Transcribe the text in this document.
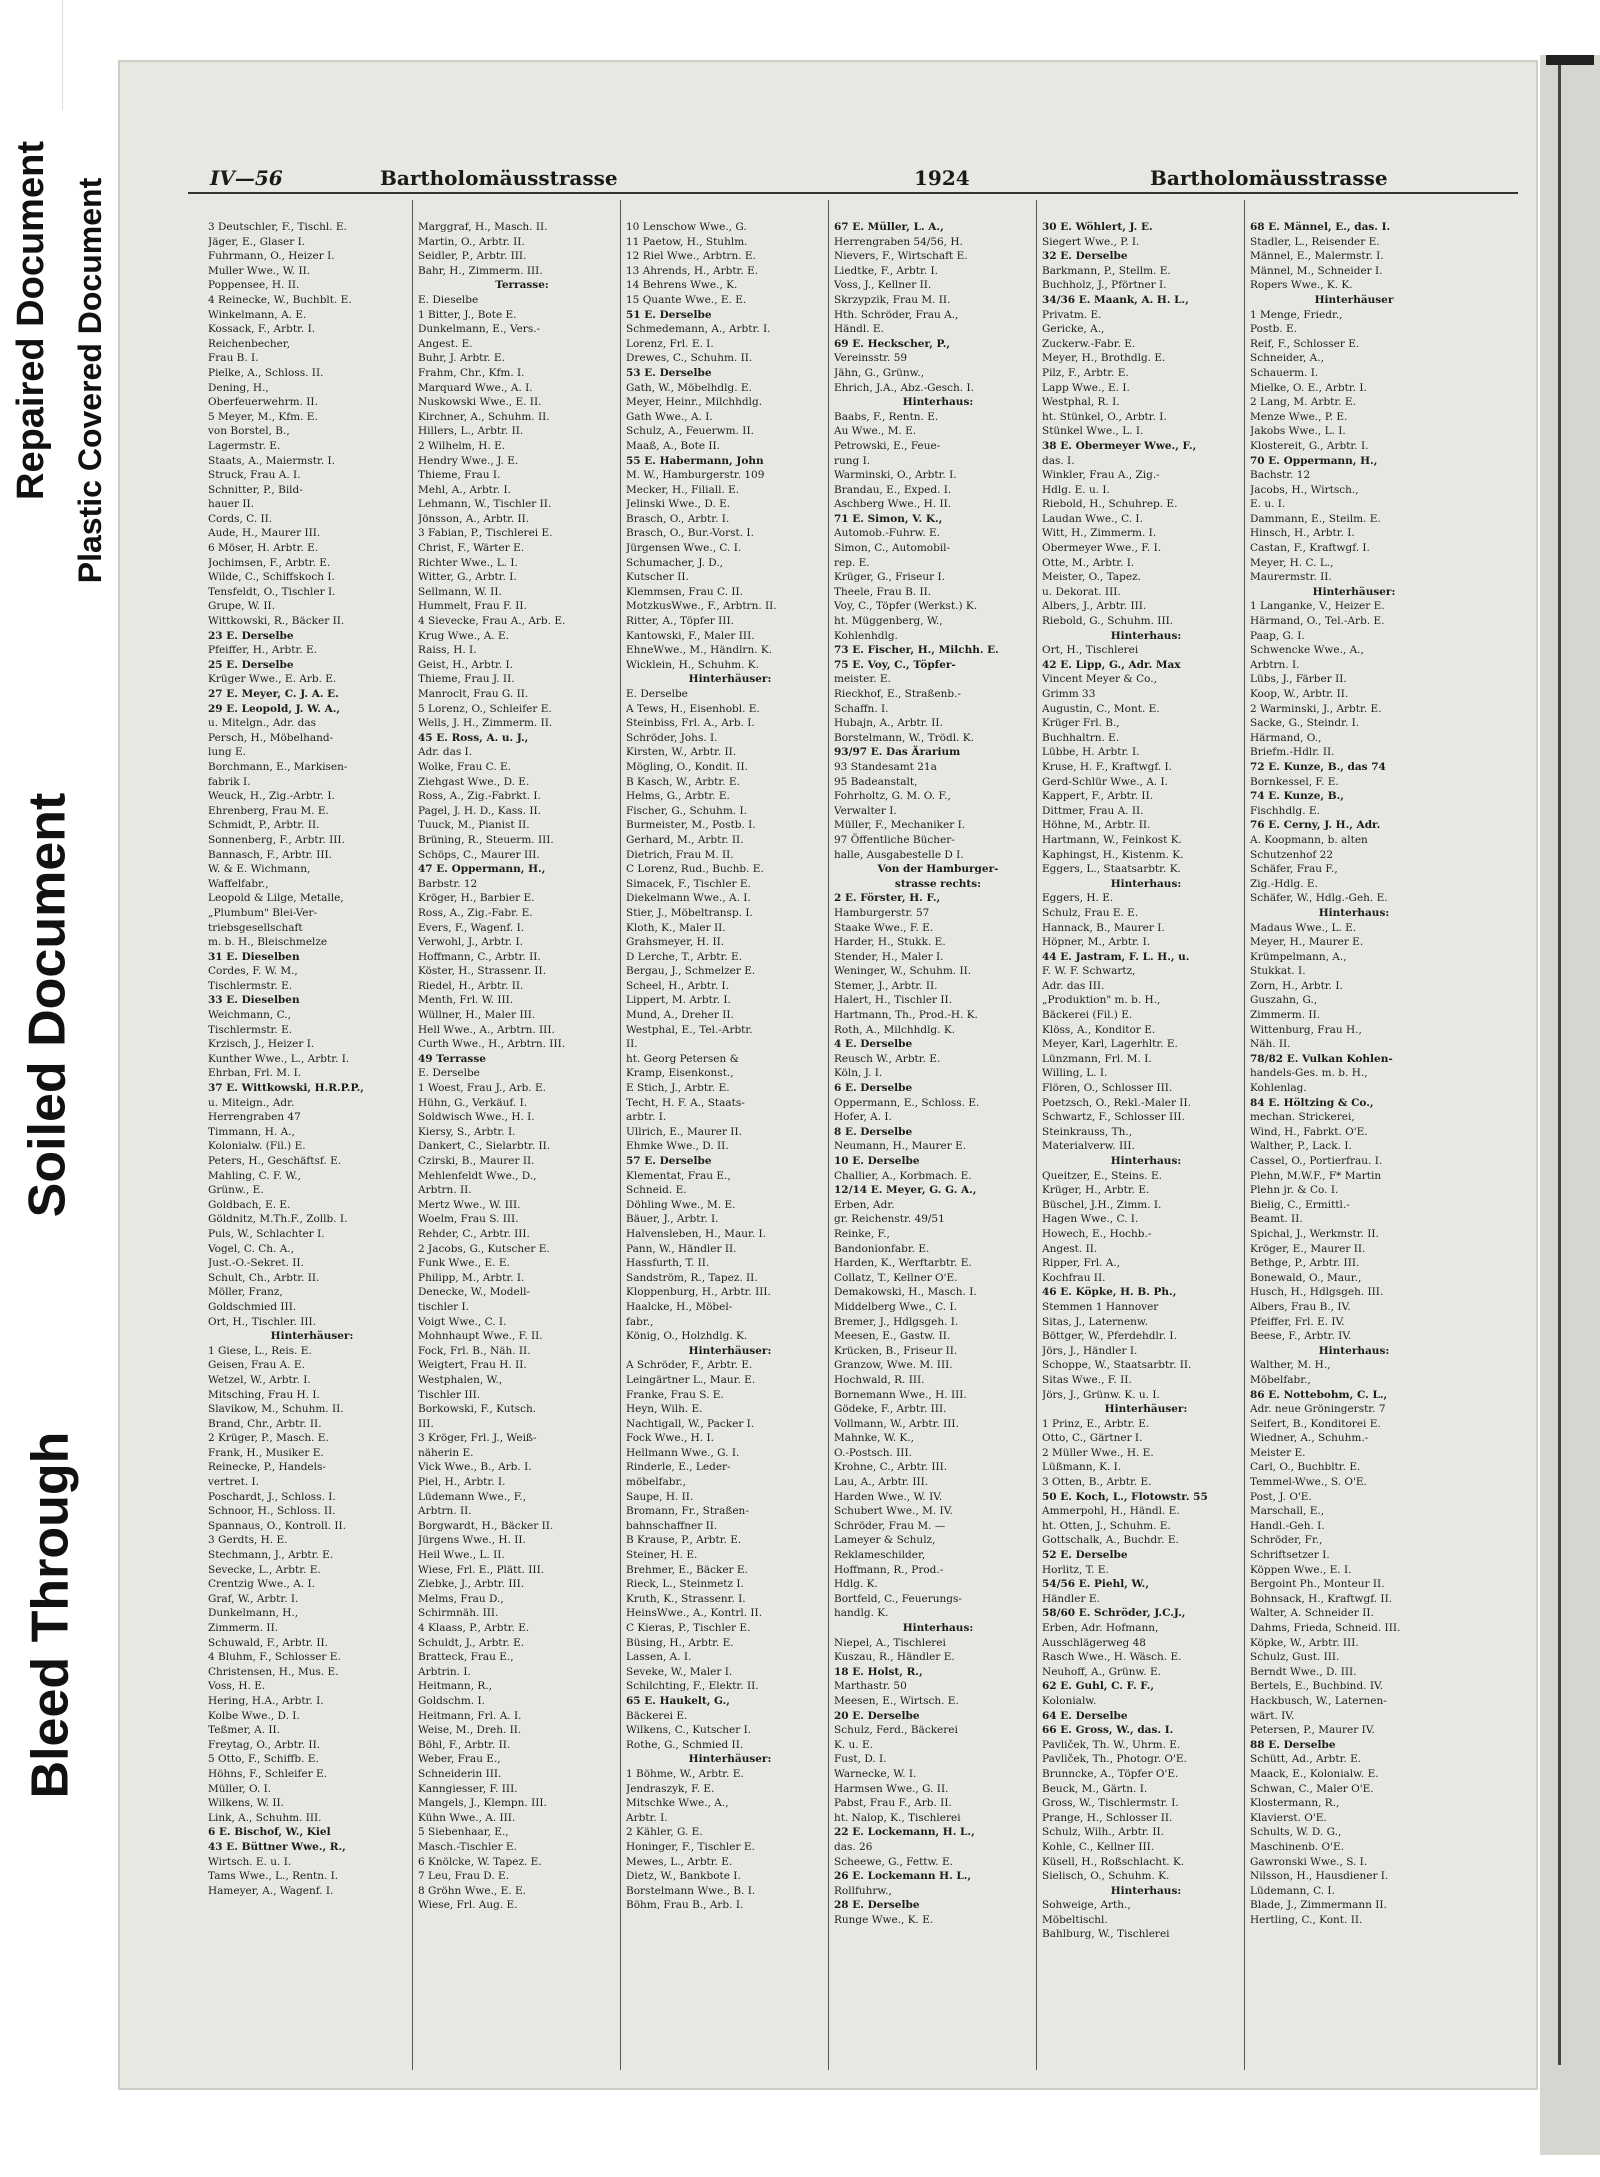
Repaired Document Plastic Covered Document
Soiled Document
Bleed Through
IV—56	Bartholomäusstrasse	1924	Bartholomäusstrasse
3 Deutschler, F., Tischl. E.
Jäger, E., Glaser I.
Fuhrmann, O., Heizer I.
Muller Wwe., W. II.
Poppensee, H. II.
4 Reinecke, W., Buchblt. E.
Winkelmann, A. E.
Kossack, F., Arbtr. I.
Reichenbecher,
Frau B. I.
Pielke, A., Schloss. II.
Dening, H.,
Oberfeuerwehrm. II.
5 Meyer, M., Kfm. E.
von Borstel, B.,
Lagermstr. E.
Staats, A., Maiermstr. I.
Struck, Frau A. I.
Schnitter, P., Bild-
hauer II.
Cords, C. II.
Aude, H., Maurer III.
6 Möser, H. Arbtr. E.
Jochimsen, F., Arbtr. E.
Wilde, C., Schiffskoch I.
Tensfeldt, O., Tischler I.
Grupe, W. II.
Wittkowski, R., Bäcker II.
23 E. Derselbe
Pfeiffer, H., Arbtr. E.
25 E. Derselbe
Krüger Wwe., E. Arb. E.
27 E. Meyer, C. J. A. E.
29 E. Leopold, J. W. A.,
u. Mitelgn., Adr. das
Persch, H., Möbelhand-
lung E.
Borchmann, E., Markisen-
fabrik I.
Weuck, H., Zig.-Arbtr. I.
Ehrenberg, Frau M. E.
Schmidt, P., Arbtr. II.
Sonnenberg, F., Arbtr. III.
Bannasch, F., Arbtr. III.
W. & E. Wichmann,
Waffelfabr.,
Leopold & Lilge, Metalle,
„Plumbum" Blei-Ver-
triebsgesellschaft
m. b. H., Bleischmelze
31 E. Dieselben
Cordes, F. W. M.,
Tischlermstr. E.
33 E. Dieselben
Weichmann, C.,
Tischlermstr. E.
Krzisch, J., Heizer I.
Kunther Wwe., L., Arbtr. I.
Ehrban, Frl. M. I.
37 E. Wittkowski, H.R.P.P.,
u. Miteign., Adr.
Herrengraben 47
Timmann, H. A.,
Kolonialw. (Fil.) E.
Peters, H., Geschäftsf. E.
Mahling, C. F. W.,
Grünw., E.
Goldbach, E. E.
Göldnitz, M.Th.F., Zollb. I.
Puls, W., Schlachter I.
Vogel, C. Ch. A.,
Just.-O.-Sekret. II.
Schult, Ch., Arbtr. II.
Möller, Franz,
Goldschmied III.
Ort, H., Tischler. III.
Hinterhäuser:
1 Giese, L., Reis. E.
Geisen, Frau A. E.
Wetzel, W., Arbtr. I.
Mitsching, Frau H. I.
Slavikow, M., Schuhm. II.
Brand, Chr., Arbtr. II.
2 Krüger, P., Masch. E.
Frank, H., Musiker E.
Reinecke, P., Handels-
vertret. I.
Poschardt, J., Schloss. I.
Schnoor, H., Schloss. II.
Spannaus, O., Kontroll. II.
3 Gerdts, H. E.
Stechmann, J., Arbtr. E.
Sevecke, L., Arbtr. E.
Crentzig Wwe., A. I.
Graf, W., Arbtr. I.
Dunkelmann, H.,
Zimmerm. II.
Schuwald, F., Arbtr. II.
4 Bluhm, F., Schlosser E.
Christensen, H., Mus. E.
Voss, H. E.
Hering, H.A., Arbtr. I.
Kolbe Wwe., D. I.
Teßmer, A. II.
Freytag, O., Arbtr. II.
5 Otto, F., Schiffb. E.
Höhns, F., Schleifer E.
Müller, O. I.
Wilkens, W. II.
Link, A., Schuhm. III.
6 E. Bischof, W., Kiel
43 E. Büttner Wwe., R.,
Wirtsch. E. u. I.
Tams Wwe., L., Rentn. I.
Hameyer, A., Wagenf. I.
Marggraf, H., Masch. II.
Martin, O., Arbtr. II.
Seidler, P., Arbtr. III.
Bahr, H., Zimmerm. III.
Terrasse:
E. Dieselbe
1 Bitter, J., Bote E.
Dunkelmann, E., Vers.-
Angest. E.
Buhr, J. Arbtr. E.
Frahm, Chr., Kfm. I.
Marquard Wwe., A. I.
Nuskowski Wwe., E. II.
Kirchner, A., Schuhm. II.
Hillers, L., Arbtr. II.
2 Wilhelm, H. E.
Hendry Wwe., J. E.
Thieme, Frau I.
Mehl, A., Arbtr. I.
Lehmann, W., Tischler II.
Jönsson, A., Arbtr. II.
3 Fabian, P., Tischlerei E.
Christ, F., Wärter E.
Richter Wwe., L. I.
Witter, G., Arbtr. I.
Sellmann, W. II.
Hummelt, Frau F. II.
4 Sievecke, Frau A., Arb. E.
Krug Wwe., A. E.
Raiss, H. I.
Geist, H., Arbtr. I.
Thieme, Frau J. II.
Manroclt, Frau G. II.
5 Lorenz, O., Schleifer E.
Wells, J. H., Zimmerm. II.
45 E. Ross, A. u. J.,
Adr. das I.
Wolke, Frau C. E.
Ziehgast Wwe., D. E.
Ross, A., Zig.-Fabrkt. I.
Pagel, J. H. D., Kass. II.
Tuuck, M., Pianist II.
Brüning, R., Steuerm. III.
Schöps, C., Maurer III.
47 E. Oppermann, H.,
Barbstr. 12
Kröger, H., Barbier E.
Ross, A., Zig.-Fabr. E.
Evers, F., Wagenf. I.
Verwohl, J., Arbtr. I.
Hoffmann, C., Arbtr. II.
Köster, H., Strassenr. II.
Riedel, H., Arbtr. II.
Menth, Frl. W. III.
Wüllner, H., Maler III.
Hell Wwe., A., Arbtrn. III.
Curth Wwe., H., Arbtrn. III.
49 Terrasse
E. Derselbe
1 Woest, Frau J., Arb. E.
Hühn, G., Verkäuf. I.
Soldwisch Wwe., H. I.
Kiersy, S., Arbtr. I.
Dankert, C., Sielarbtr. II.
Czirski, B., Maurer II.
Mehlenfeldt Wwe., D.,
Arbtrn. II.
Mertz Wwe., W. III.
Woelm, Frau S. III.
Rehder, C., Arbtr. III.
2 Jacobs, G., Kutscher E.
Funk Wwe., E. E.
Philipp, M., Arbtr. I.
Denecke, W., Modell-
tischler I.
Voigt Wwe., C. I.
Mohnhaupt Wwe., F. II.
Fock, Frl. B., Näh. II.
Weigtert, Frau H. II.
Westphalen, W.,
Tischler III.
Borkowski, F., Kutsch.
III.
3 Kröger, Frl. J., Weiß-
näherin E.
Vick Wwe., B., Arb. I.
Piel, H., Arbtr. I.
Lüdemann Wwe., F.,
Arbtrn. II.
Borgwardt, H., Bäcker II.
Jürgens Wwe., H. II.
Heil Wwe., L. II.
Wiese, Frl. E., Plätt. III.
Ziebke, J., Arbtr. III.
Melms, Frau D.,
Schirmnäh. III.
4 Klaass, P., Arbtr. E.
Schuldt, J., Arbtr. E.
Bratteck, Frau E.,
Arbtrin. I.
Heitmann, R.,
Goldschm. I.
Heitmann, Frl. A. I.
Weise, M., Dreh. II.
Böhl, F., Arbtr. II.
Weber, Frau E.,
Schneiderin III.
Kanngiesser, F. III.
Mangels, J., Klempn. III.
Kühn Wwe., A. III.
5 Siebenhaar, E.,
Masch.-Tischler E.
6 Knölcke, W. Tapez. E.
7 Leu, Frau D. E.
8 Gröhn Wwe., E. E.
Wiese, Frl. Aug. E.
10 Lenschow Wwe., G.
11 Paetow, H., Stuhlm.
12 Riel Wwe., Arbtrn. E.
13 Ahrends, H., Arbtr. E.
14 Behrens Wwe., K.
15 Quante Wwe., E. E.
51 E. Derselbe
Schmedemann, A., Arbtr. I.
Lorenz, Frl. E. I.
Drewes, C., Schuhm. II.
53 E. Derselbe
Gath, W., Möbelhdlg. E.
Meyer, Heinr., Milchhdlg.
Gath Wwe., A. I.
Schulz, A., Feuerwm. II.
Maaß, A., Bote II.
55 E. Habermann, John
M. W., Hamburgerstr. 109
Mecker, H., Filiall. E.
Jelinski Wwe., D. E.
Brasch, O., Arbtr. I.
Brasch, O., Bur.-Vorst. I.
Jürgensen Wwe., C. I.
Schumacher, J. D.,
Kutscher II.
Klemmsen, Frau C. II.
MotzkusWwe., F., Arbtrn. II.
Ritter, A., Töpfer III.
Kantowski, F., Maler III.
EhneWwe., M., Händlrn. K.
Wicklein, H., Schuhm. K.
Hinterhäuser:
E. Derselbe
A Tews, H., Eisenhobl. E.
Steinbiss, Frl. A., Arb. I.
Schröder, Johs. I.
Kirsten, W., Arbtr. II.
Mögling, O., Kondit. II.
B Kasch, W., Arbtr. E.
Helms, G., Arbtr. E.
Fischer, G., Schuhm. I.
Burmeister, M., Postb. I.
Gerhard, M., Arbtr. II.
Dietrich, Frau M. II.
C Lorenz, Rud., Buchb. E.
Simacek, F., Tischler E.
Diekelmann Wwe., A. I.
Stier, J., Möbeltransp. I.
Kloth, K., Maler II.
Grahsmeyer, H. II.
D Lerche, T., Arbtr. E.
Bergau, J., Schmelzer E.
Scheel, H., Arbtr. I.
Lippert, M. Arbtr. I.
Mund, A., Dreher II.
Westphal, E., Tel.-Arbtr.
II.
ht. Georg Petersen &
Kramp, Eisenkonst.,
E Stich, J., Arbtr. E.
Techt, H. F. A., Staats-
arbtr. I.
Ullrich, E., Maurer II.
Ehmke Wwe., D. II.
57 E. Derselbe
Klementat, Frau E.,
Schneid. E.
Döhling Wwe., M. E.
Bäuer, J., Arbtr. I.
Halvensleben, H., Maur. I.
Pann, W., Händler II.
Hassfurth, T. II.
Sandström, R., Tapez. II.
Kloppenburg, H., Arbtr. III.
Haalcke, H., Möbel-
fabr.,
König, O., Holzhdlg. K.
Hinterhäuser:
A Schröder, F., Arbtr. E.
Leingärtner L., Maur. E.
Franke, Frau S. E.
Heyn, Wilh. E.
Nachtigall, W., Packer I.
Fock Wwe., H. I.
Hellmann Wwe., G. I.
Rinderle, E., Leder-
möbelfabr.,
Saupe, H. II.
Bromann, Fr., Straßen-
bahnschaffner II.
B Krause, P., Arbtr. E.
Steiner, H. E.
Brehmer, E., Bäcker E.
Rieck, L., Steinmetz I.
Kruth, K., Strassenr. I.
HeinsWwe., A., Kontrl. II.
C Kieras, P., Tischler E.
Büsing, H., Arbtr. E.
Lassen, A. I.
Seveke, W., Maler I.
Schilchting, F., Elektr. II.
65 E. Haukelt, G.,
Bäckerei E.
Wilkens, C., Kutscher I.
Rothe, G., Schmied II.
Hinterhäuser:
1 Böhme, W., Arbtr. E.
Jendraszyk, F. E.
Mitschke Wwe., A.,
Arbtr. I.
2 Kähler, G. E.
Honinger, F., Tischler E.
Mewes, L., Arbtr. E.
Dietz, W., Bankbote I.
Borstelmann Wwe., B. I.
Böhm, Frau B., Arb. I.
67 E. Müller, L. A.,
Herrengraben 54/56, H.
Nievers, F., Wirtschaft E.
Liedtke, F., Arbtr. I.
Voss, J., Kellner II.
Skrzypzik, Frau M. II.
Hth. Schröder, Frau A.,
Händl. E.
69 E. Heckscher, P.,
Vereinsstr. 59
Jähn, G., Grünw.,
Ehrich, J.A., Abz.-Gesch. I.
Hinterhaus:
Baabs, F., Rentn. E.
Au Wwe., M. E.
Petrowski, E., Feue-
rung I.
Warminski, O., Arbtr. I.
Brandau, E., Exped. I.
Aschberg Wwe., H. II.
71 E. Simon, V. K.,
Automob.-Fuhrw. E.
Simon, C., Automobil-
rep. E.
Krüger, G., Friseur I.
Theele, Frau B. II.
Voy, C., Töpfer (Werkst.) K.
ht. Müggenberg, W.,
Kohlenhdlg.
73 E. Fischer, H., Milchh. E.
75 E. Voy, C., Töpfer-
meister. E.
Rieckhof, E., Straßenb.-
Schaffn. I.
Hubajn, A., Arbtr. II.
Borstelmann, W., Trödl. K.
93/97 E. Das Ärarium
93 Standesamt 21a
95 Badeanstalt,
Fohrholtz, G. M. O. F.,
Verwalter I.
Müller, F., Mechaniker I.
97 Öffentliche Bücher-
halle, Ausgabestelle D I.
Von der Hamburger-
strasse rechts:
2 E. Förster, H. F.,
Hamburgerstr. 57
Staake Wwe., F. E.
Harder, H., Stukk. E.
Stender, H., Maler I.
Weninger, W., Schuhm. II.
Stemer, J., Arbtr. II.
Halert, H., Tischler II.
Hartmann, Th., Prod.-H. K.
Roth, A., Milchhdlg. K.
4 E. Derselbe
Reusch W., Arbtr. E.
Köln, J. I.
6 E. Derselbe
Oppermann, E., Schloss. E.
Hofer, A. I.
8 E. Derselbe
Neumann, H., Maurer E.
10 E. Derselbe
Challier, A., Korbmach. E.
12/14 E. Meyer, G. G. A.,
Erben, Adr.
gr. Reichenstr. 49/51
Reinke, F.,
Bandonionfabr. E.
Harden, K., Werftarbtr. E.
Collatz, T., Kellner O'E.
Demakowski, H., Masch. I.
Middelberg Wwe., C. I.
Bremer, J., Hdlgsgeh. I.
Meesen, E., Gastw. II.
Krücken, B., Friseur II.
Granzow, Wwe. M. III.
Hochwald, R. III.
Bornemann Wwe., H. III.
Gödeke, F., Arbtr. III.
Vollmann, W., Arbtr. III.
Mahnke, W. K.,
O.-Postsch. III.
Krohne, C., Arbtr. III.
Lau, A., Arbtr. III.
Harden Wwe., W. IV.
Schubert Wwe., M. IV.
Schröder, Frau M. —
Lameyer & Schulz,
Reklameschilder,
Hoffmann, R., Prod.-
Hdlg. K.
Bortfeld, C., Feuerungs-
handlg. K.
Hinterhaus:
Niepel, A., Tischlerei
Kuszau, R., Händler E.
18 E. Holst, R.,
Marthastr. 50
Meesen, E., Wirtsch. E.
20 E. Derselbe
Schulz, Ferd., Bäckerei
K. u. E.
Fust, D. I.
Warnecke, W. I.
Harmsen Wwe., G. II.
Pabst, Frau F., Arb. II.
ht. Nalop, K., Tischlerei
22 E. Lockemann, H. L.,
das. 26
Scheewe, G., Fettw. E.
26 E. Lockemann H. L.,
Rollfuhrw.,
28 E. Derselbe
Runge Wwe., K. E.
30 E. Wöhlert, J. E.
Siegert Wwe., P. I.
32 E. Derselbe
Barkmann, P., Stellm. E.
Buchholz, J., Pförtner I.
34/36 E. Maank, A. H. L.,
Privatm. E.
Gericke, A.,
Zuckerw.-Fabr. E.
Meyer, H., Brothdlg. E.
Pilz, F., Arbtr. E.
Lapp Wwe., E. I.
Westphal, R. I.
ht. Stünkel, O., Arbtr. I.
Stünkel Wwe., L. I.
38 E. Obermeyer Wwe., F.,
das. I.
Winkler, Frau A., Zig.-
Hdlg. E. u. I.
Riebold, H., Schuhrep. E.
Laudan Wwe., C. I.
Witt, H., Zimmerm. I.
Obermeyer Wwe., F. I.
Otte, M., Arbtr. I.
Meister, O., Tapez.
u. Dekorat. III.
Albers, J., Arbtr. III.
Riebold, G., Schuhm. III.
Hinterhaus:
Ort, H., Tischlerei
42 E. Lipp, G., Adr. Max
Vincent Meyer & Co.,
Grimm 33
Augustin, C., Mont. E.
Krüger Frl. B.,
Buchhaltrn. E.
Lübbe, H. Arbtr. I.
Kruse, H. F., Kraftwgf. I.
Gerd-Schlür Wwe., A. I.
Kappert, F., Arbtr. II.
Dittmer, Frau A. II.
Höhne, M., Arbtr. II.
Hartmann, W., Feinkost K.
Kaphingst, H., Kistenm. K.
Eggers, L., Staatsarbtr. K.
Hinterhaus:
Eggers, H. E.
Schulz, Frau E. E.
Hannack, B., Maurer I.
Höpner, M., Arbtr. I.
44 E. Jastram, F. L. H., u.
F. W. F. Schwartz,
Adr. das III.
„Produktion" m. b. H.,
Bäckerei (Fil.) E.
Klöss, A., Konditor E.
Meyer, Karl, Lagerhltr. E.
Lünzmann, Frl. M. I.
Willing, L. I.
Flören, O., Schlosser III.
Poetzsch, O., Rekl.-Maler II.
Schwartz, F., Schlosser III.
Steinkrauss, Th.,
Materialverw. III.
Hinterhaus:
Queitzer, E., Steins. E.
Krüger, H., Arbtr. E.
Büschel, J.H., Zimm. I.
Hagen Wwe., C. I.
Howech, E., Hochb.-
Angest. II.
Ripper, Frl. A.,
Kochfrau II.
46 E. Köpke, H. B. Ph.,
Stemmen 1 Hannover
Sitas, J., Laternenw.
Böttger, W., Pferdehdlr. I.
Jörs, J., Händler I.
Schoppe, W., Staatsarbtr. II.
Sitas Wwe., F. II.
Jörs, J., Grünw. K. u. I.
Hinterhäuser:
1 Prinz, E., Arbtr. E.
Otto, C., Gärtner I.
2 Müller Wwe., H. E.
Lüßmann, K. I.
3 Otten, B., Arbtr. E.
50 E. Koch, L., Flotowstr. 55
Ammerpohl, H., Händl. E.
ht. Otten, J., Schuhm. E.
Gottschalk, A., Buchdr. E.
52 E. Derselbe
Horlitz, T. E.
54/56 E. Piehl, W.,
Händler E.
58/60 E. Schröder, J.C.J.,
Erben, Adr. Hofmann,
Ausschlägerweg 48
Rasch Wwe., H. Wäsch. E.
Neuhoff, A., Grünw. E.
62 E. Guhl, C. F. F.,
Kolonialw.
64 E. Derselbe
66 E. Gross, W., das. I.
Pavliček, Th. W., Uhrm. E.
Pavliček, Th., Photogr. O'E.
Brunncke, A., Töpfer O'E.
Beuck, M., Gärtn. I.
Gross, W., Tischlermstr. I.
Prange, H., Schlosser II.
Schulz, Wilh., Arbtr. II.
Kohle, C., Kellner III.
Küsell, H., Roßschlacht. K.
Sielisch, O., Schuhm. K.
Hinterhaus:
Sohweige, Arth.,
Möbeltischl.
Bahlburg, W., Tischlerei
68 E. Männel, E., das. I.
Stadler, L., Reisender E.
Männel, E., Malermstr. I.
Männel, M., Schneider I.
Ropers Wwe., K. K.
Hinterhäuser
1 Menge, Friedr.,
Postb. E.
Reif, F., Schlosser E.
Schneider, A.,
Schauerm. I.
Mielke, O. E., Arbtr. I.
2 Lang, M. Arbtr. E.
Menze Wwe., P. E.
Jakobs Wwe., L. I.
Klostereit, G., Arbtr. I.
70 E. Oppermann, H.,
Bachstr. 12
Jacobs, H., Wirtsch.,
E. u. I.
Dammann, E., Steilm. E.
Hinsch, H., Arbtr. I.
Castan, F., Kraftwgf. I.
Meyer, H. C. L.,
Maurermstr. II.
Hinterhäuser:
1 Langanke, V., Heizer E.
Härmand, O., Tel.-Arb. E.
Paap, G. I.
Schwencke Wwe., A.,
Arbtrn. I.
Lübs, J., Färber II.
Koop, W., Arbtr. II.
2 Warminski, J., Arbtr. E.
Sacke, G., Steindr. I.
Härmand, O.,
Briefm.-Hdlr. II.
72 E. Kunze, B., das 74
Bornkessel, F. E.
74 E. Kunze, B.,
Fischhdlg. E.
76 E. Cerny, J. H., Adr.
A. Koopmann, b. alten
Schutzenhof 22
Schäfer, Frau F.,
Zig.-Hdlg. E.
Schäfer, W., Hdlg.-Geh. E.
Hinterhaus:
Madaus Wwe., L. E.
Meyer, H., Maurer E.
Krümpelmann, A.,
Stukkat. I.
Zorn, H., Arbtr. I.
Guszahn, G.,
Zimmerm. II.
Wittenburg, Frau H.,
Näh. II.
78/82 E. Vulkan Kohlen-
handels-Ges. m. b. H.,
Kohlenlag.
84 E. Höltzing & Co.,
mechan. Strickerei,
Wind, H., Fabrkt. O'E.
Walther, P., Lack. I.
Cassel, O., Portierfrau. I.
Plehn, M.W.F., F* Martin
Plehn jr. & Co. I.
Bielig, C., Ermittl.-
Beamt. II.
Spichal, J., Werkmstr. II.
Kröger, E., Maurer II.
Bethge, P., Arbtr. III.
Bonewald, O., Maur.,
Husch, H., Hdlgsgeh. III.
Albers, Frau B., IV.
Pfeiffer, Frl. E. IV.
Beese, F., Arbtr. IV.
Hinterhaus:
Walther, M. H.,
Möbelfabr.,
86 E. Nottebohm, C. L.,
Adr. neue Gröningerstr. 7
Seifert, B., Konditorei E.
Wiedner, A., Schuhm.-
Meister E.
Carl, O., Buchbltr. E.
Temmel-Wwe., S. O'E.
Post, J. O'E.
Marschall, E.,
Handl.-Geh. I.
Schröder, Fr.,
Schriftsetzer I.
Köppen Wwe., E. I.
Bergoint Ph., Monteur II.
Bohnsack, H., Kraftwgf. II.
Walter, A. Schneider II.
Dahms, Frieda, Schneid. III.
Köpke, W., Arbtr. III.
Schulz, Gust. III.
Berndt Wwe., D. III.
Bertels, E., Buchbind. IV.
Hackbusch, W., Laternen-
wärt. IV.
Petersen, P., Maurer IV.
88 E. Derselbe
Schütt, Ad., Arbtr. E.
Maack, E., Kolonialw. E.
Schwan, C., Maler O'E.
Klostermann, R.,
Klavierst. O'E.
Schults, W. D. G.,
Maschinenb. O'E.
Gawronski Wwe., S. I.
Nilsson, H., Hausdiener I.
Lüdemann, C. I.
Blade, J., Zimmermann II.
Hertling, C., Kont. II.
